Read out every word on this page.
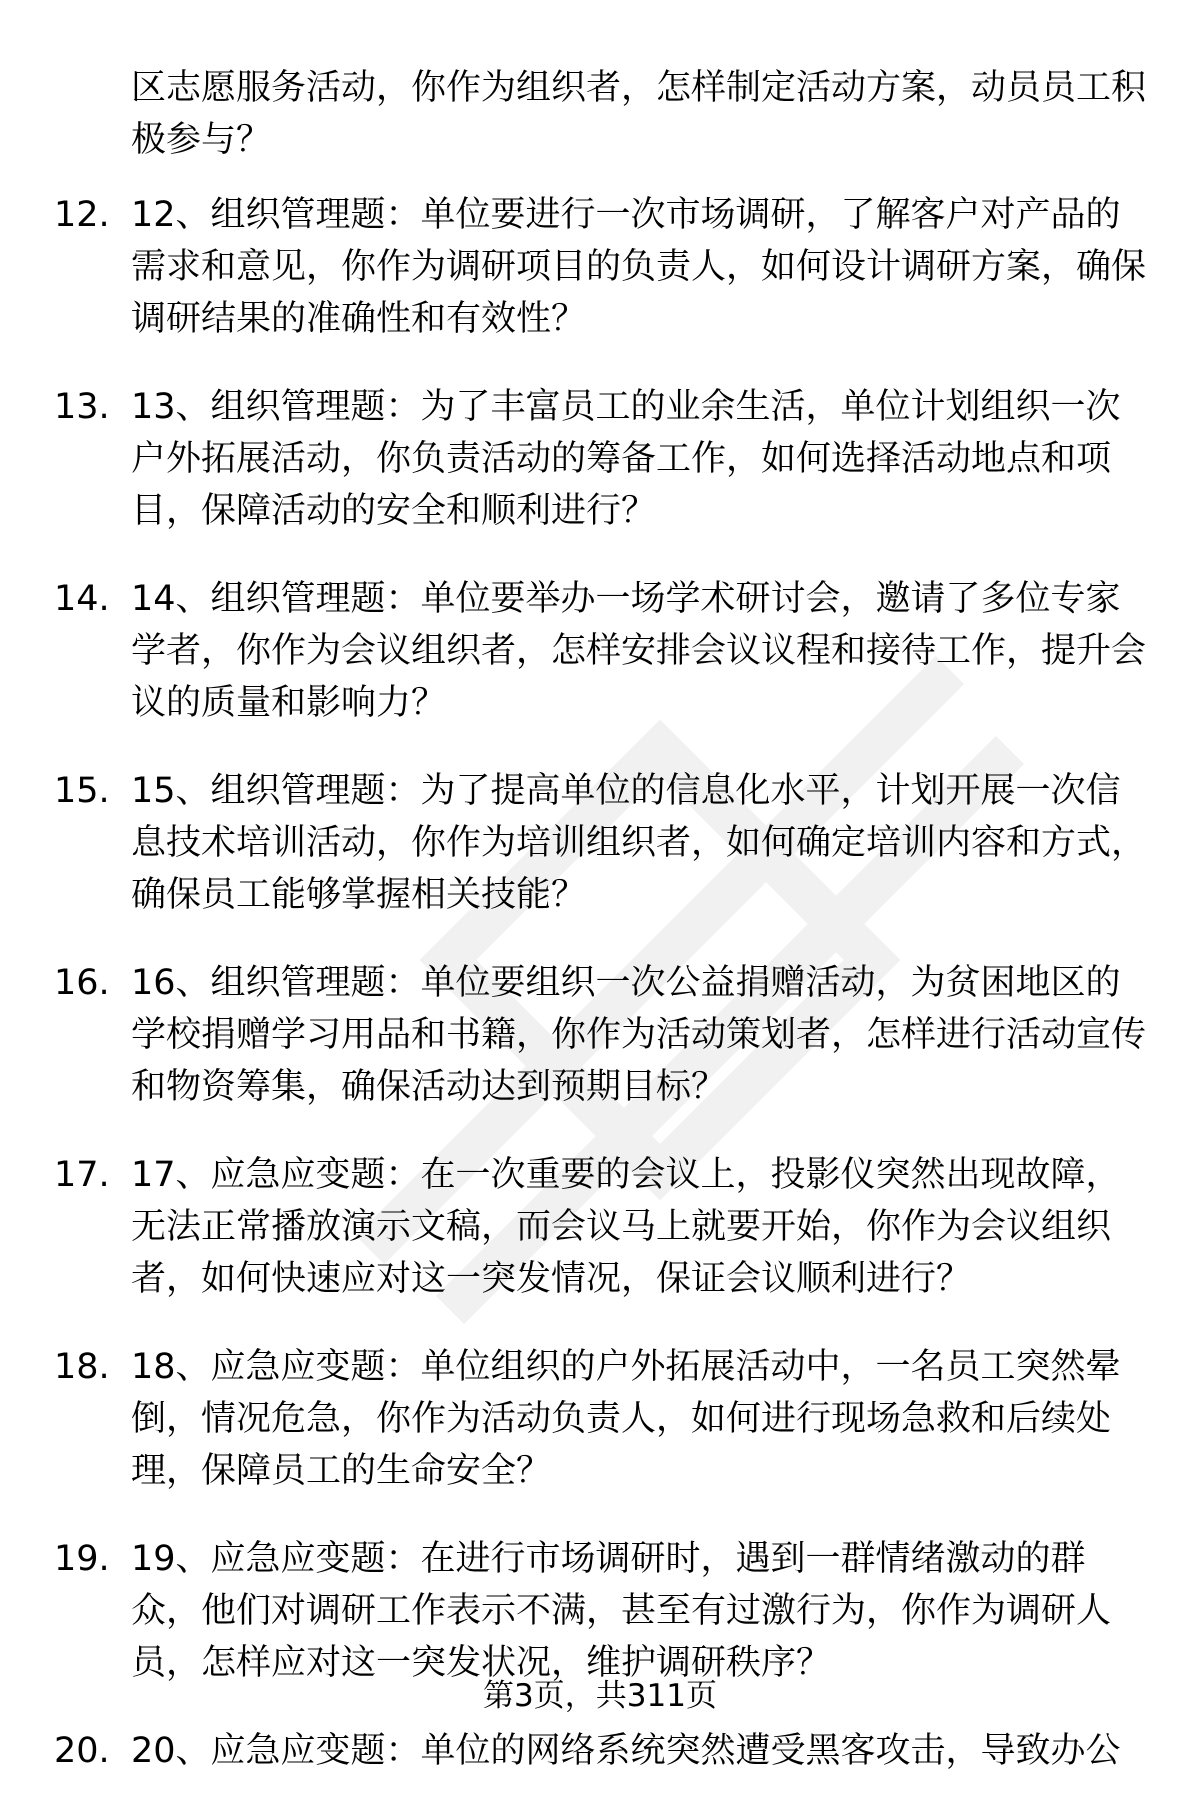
区志愿服务活动，你作为组织者，怎样制定活动方案，动员员工积极参与？
12. 12、组织管理题：单位要进行一次市场调研，了解客户对产品的需求和意见，你作为调研项目的负责人，如何设计调研方案，确保调研结果的准确性和有效性？
13. 13、组织管理题：为了丰富员工的业余生活，单位计划组织一次户外拓展活动，你负责活动的筹备工作，如何选择活动地点和项目，保障活动的安全和顺利进行？
14. 14、组织管理题：单位要举办一场学术研讨会，邀请了多位专家学者，你作为会议组织者，怎样安排会议议程和接待工作，提升会议的质量和影响力？
15. 15、组织管理题：为了提高单位的信息化水平，计划开展一次信息技术培训活动，你作为培训组织者，如何确定培训内容和方式，确保员工能够掌握相关技能？
16. 16、组织管理题：单位要组织一次公益捐赠活动，为贫困地区的学校捐赠学习用品和书籍，你作为活动策划者，怎样进行活动宣传和物资筹集，确保活动达到预期目标？
17. 17、应急应变题：在一次重要的会议上，投影仪突然出现故障，无法正常播放演示文稿，而会议马上就要开始，你作为会议组织者，如何快速应对这一突发情况，保证会议顺利进行？
18. 18、应急应变题：单位组织的户外拓展活动中，一名员工突然晕倒，情况危急，你作为活动负责人，如何进行现场急救和后续处理，保障员工的生命安全？
19. 19、应急应变题：在进行市场调研时，遇到一群情绪激动的群众，他们对调研工作表示不满，甚至有过激行为，你作为调研人员，怎样应对这一突发状况，维护调研秩序？
20. 20、应急应变题：单位的网络系统突然遭受黑客攻击，导致办公
第3页，共311页
